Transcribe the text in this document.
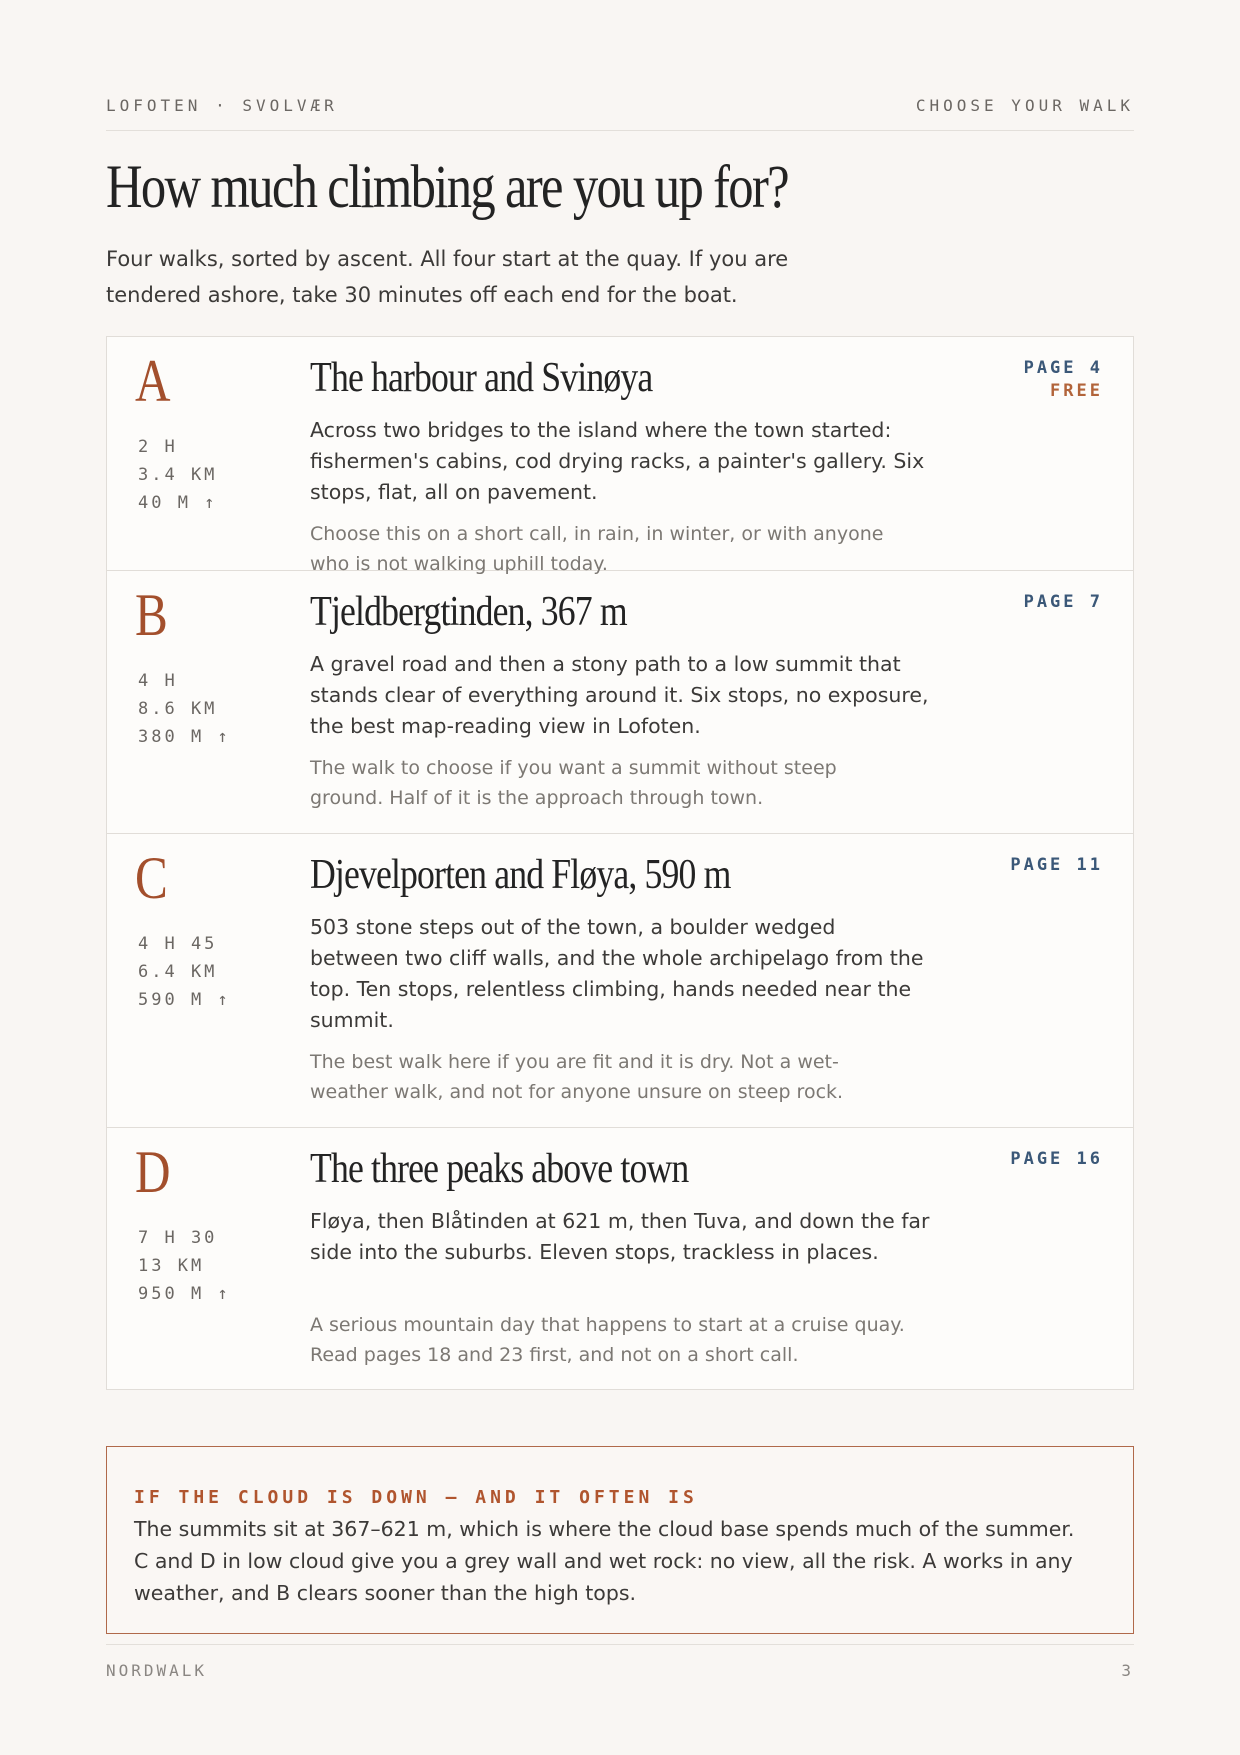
LOFOTEN · SVOLVÆR	CHOOSE YOUR WALK
How much climbing are you up for?
Four walks, sorted by ascent. All four start at the quay. If you are tendered ashore, take 30 minutes off each end for the boat.
A
2 H
3.4 KM
40 M ↑
The harbour and Svinøya
Across two bridges to the island where the town started: fishermen's cabins, cod drying racks, a painter's gallery. Six stops, flat, all on pavement.
Choose this on a short call, in rain, in winter, or with anyone who is not walking uphill today.
PAGE 4
FREE
B
4 H
8.6 KM
380 M ↑
Tjeldbergtinden, 367 m
A gravel road and then a stony path to a low summit that stands clear of everything around it. Six stops, no exposure, the best map-reading view in Lofoten.
The walk to choose if you want a summit without steep ground. Half of it is the approach through town.
PAGE 7
C
4 H 45
6.4 KM
590 M ↑
Djevelporten and Fløya, 590 m
503 stone steps out of the town, a boulder wedged between two cliff walls, and the whole archipelago from the top. Ten stops, relentless climbing, hands needed near the summit.
The best walk here if you are fit and it is dry. Not a wet-weather walk, and not for anyone unsure on steep rock.
PAGE 11
D
7 H 30
13 KM
950 M ↑
The three peaks above town
Fløya, then Blåtinden at 621 m, then Tuva, and down the far side into the suburbs. Eleven stops, trackless in places.
A serious mountain day that happens to start at a cruise quay. Read pages 18 and 23 first, and not on a short call.
PAGE 16
IF THE CLOUD IS DOWN — AND IT OFTEN IS
The summits sit at 367–621 m, which is where the cloud base spends much of the summer. C and D in low cloud give you a grey wall and wet rock: no view, all the risk. A works in any weather, and B clears sooner than the high tops.
NORDWALK	3
